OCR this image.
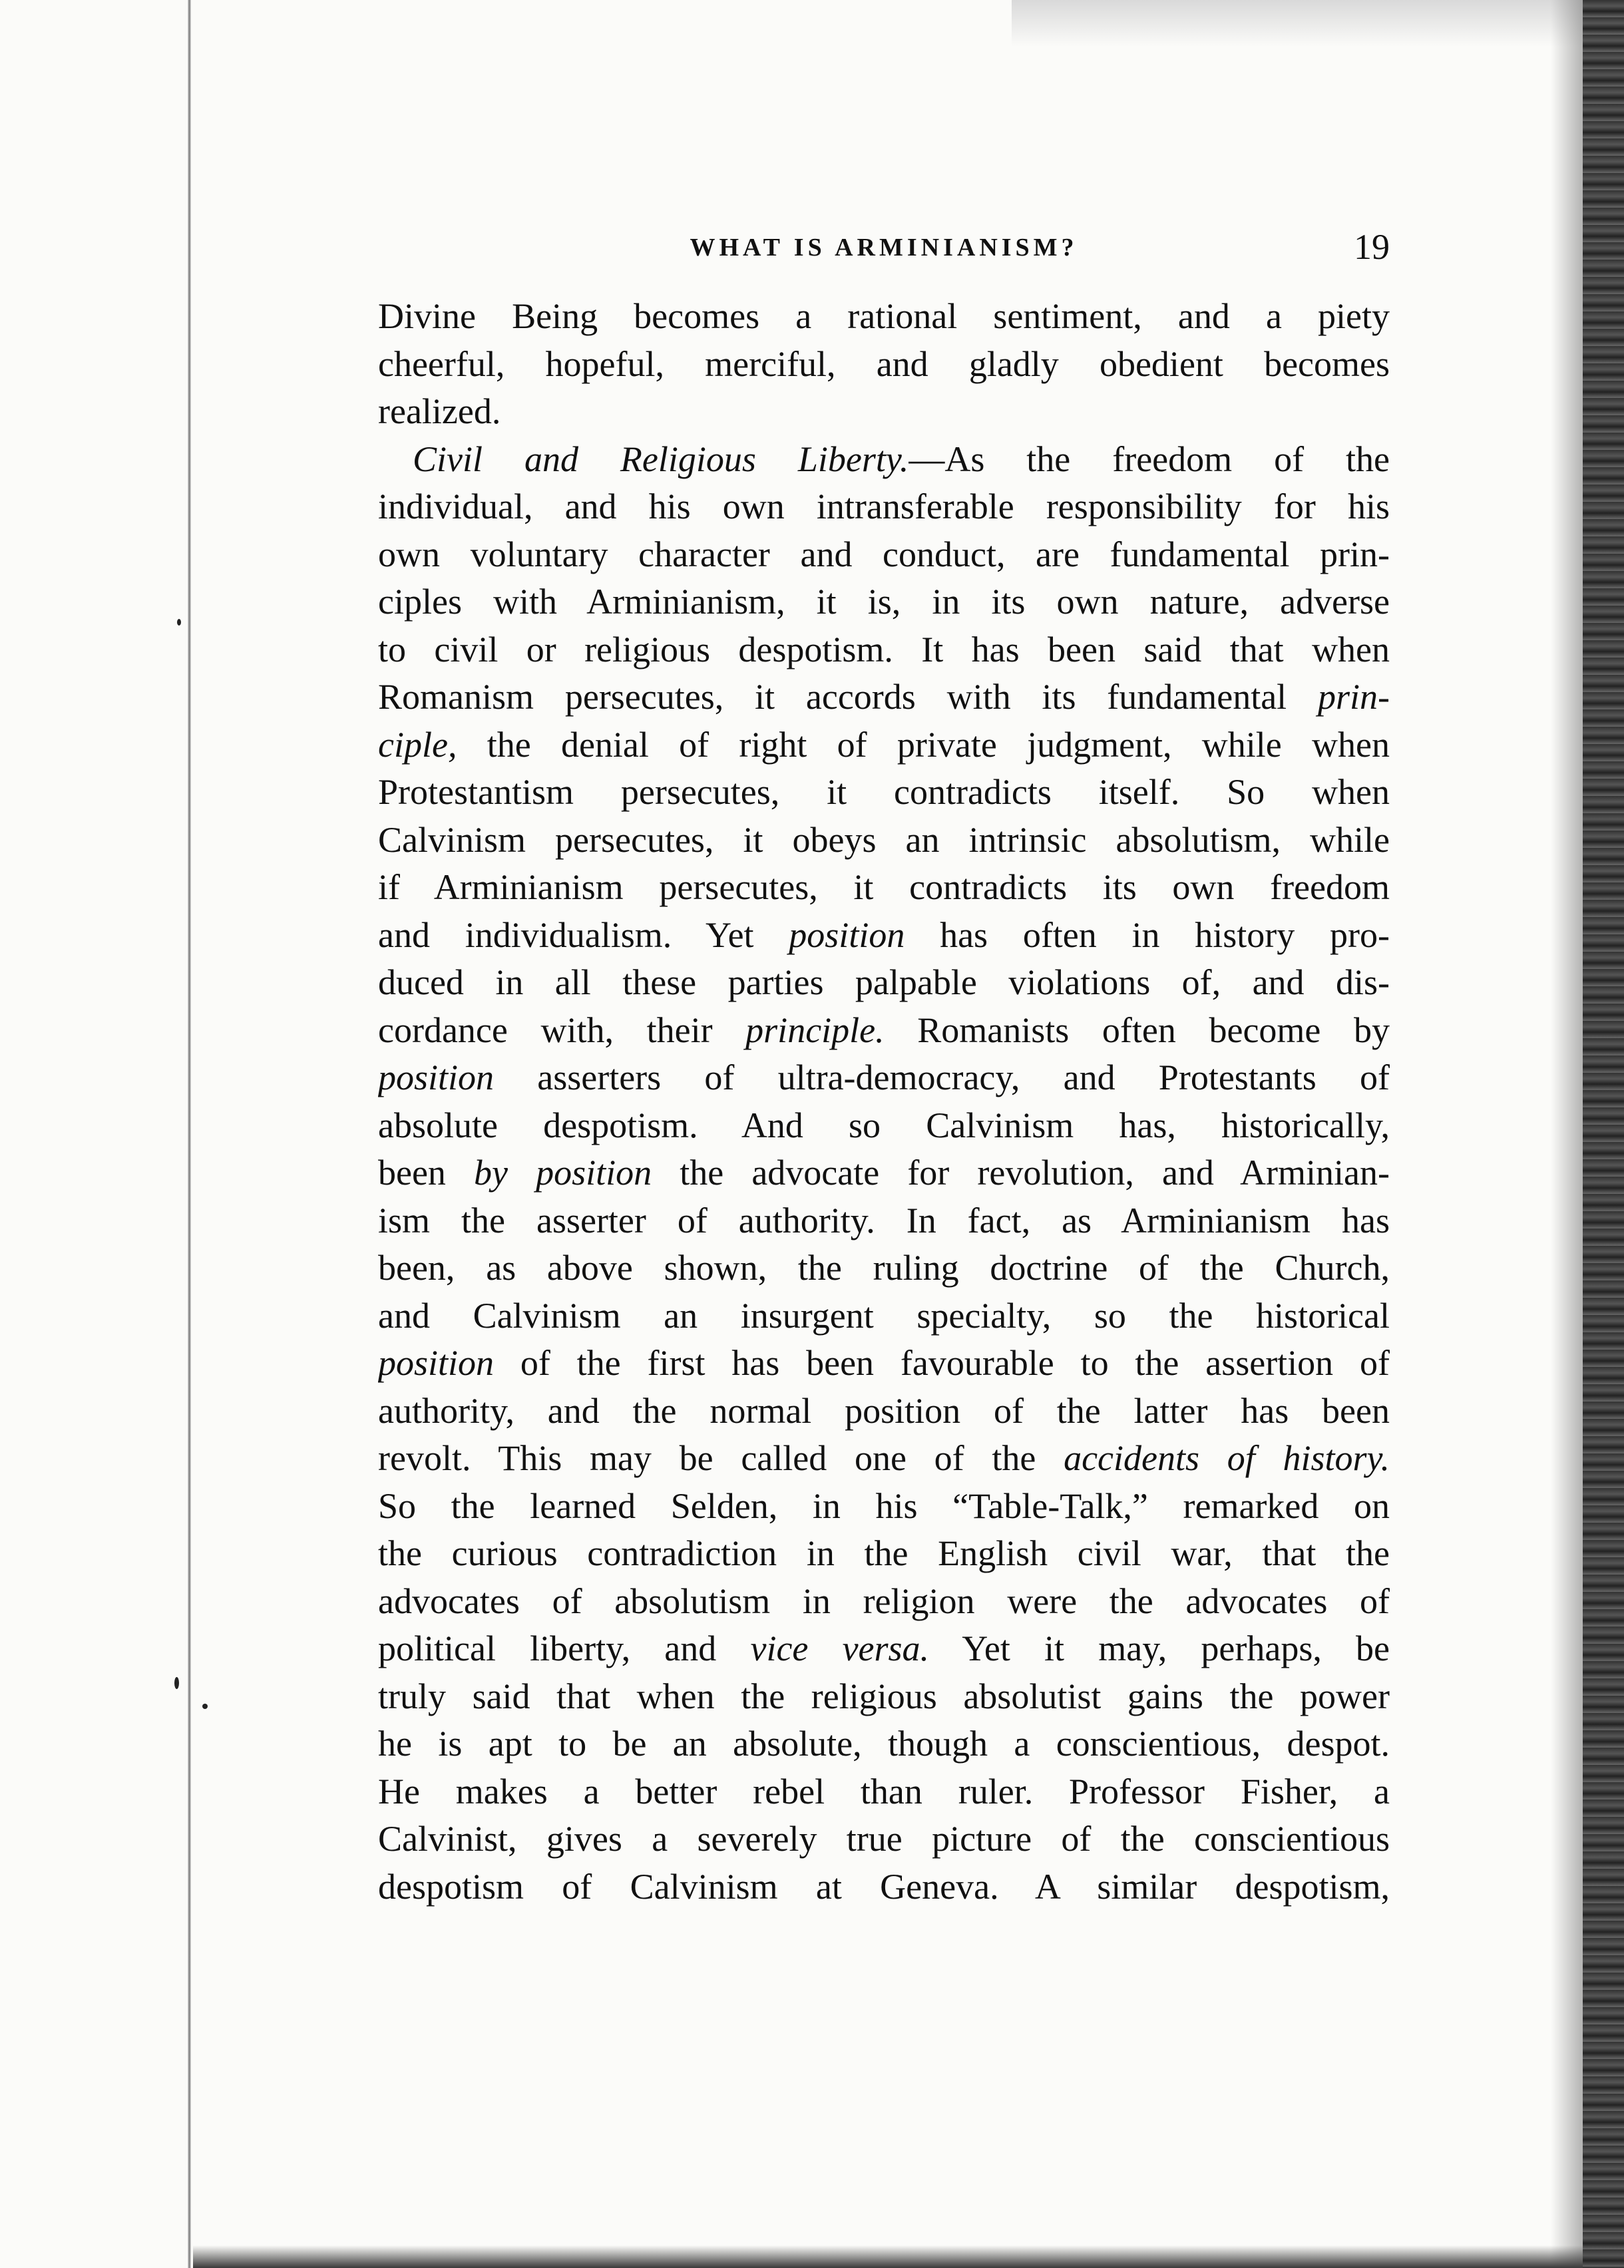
WHAT IS ARMINIANISM?	19
Divine Being becomes a rational sentiment, and a piety
cheerful, hopeful, merciful, and gladly obedient becomes
realized.
Civil and Religious Liberty.—As the freedom of the
individual, and his own intransferable responsibility for his
own voluntary character and conduct, are fundamental prin-
ciples with Arminianism, it is, in its own nature, adverse
to civil or religious despotism. It has been said that when
Romanism persecutes, it accords with its fundamental prin-
ciple, the denial of right of private judgment, while when
Protestantism persecutes, it contradicts itself. So when
Calvinism persecutes, it obeys an intrinsic absolutism, while
if Arminianism persecutes, it contradicts its own freedom
and individualism. Yet position has often in history pro-
duced in all these parties palpable violations of, and dis-
cordance with, their principle. Romanists often become by
position asserters of ultra-democracy, and Protestants of
absolute despotism. And so Calvinism has, historically,
been by position the advocate for revolution, and Arminian-
ism the asserter of authority. In fact, as Arminianism has
been, as above shown, the ruling doctrine of the Church,
and Calvinism an insurgent specialty, so the historical
position of the first has been favourable to the assertion of
authority, and the normal position of the latter has been
revolt. This may be called one of the accidents of history.
So the learned Selden, in his “Table-Talk,” remarked on
the curious contradiction in the English civil war, that the
advocates of absolutism in religion were the advocates of
political liberty, and vice versa. Yet it may, perhaps, be
truly said that when the religious absolutist gains the power
he is apt to be an absolute, though a conscientious, despot.
He makes a better rebel than ruler. Professor Fisher, a
Calvinist, gives a severely true picture of the conscientious
despotism of Calvinism at Geneva. A similar despotism,
